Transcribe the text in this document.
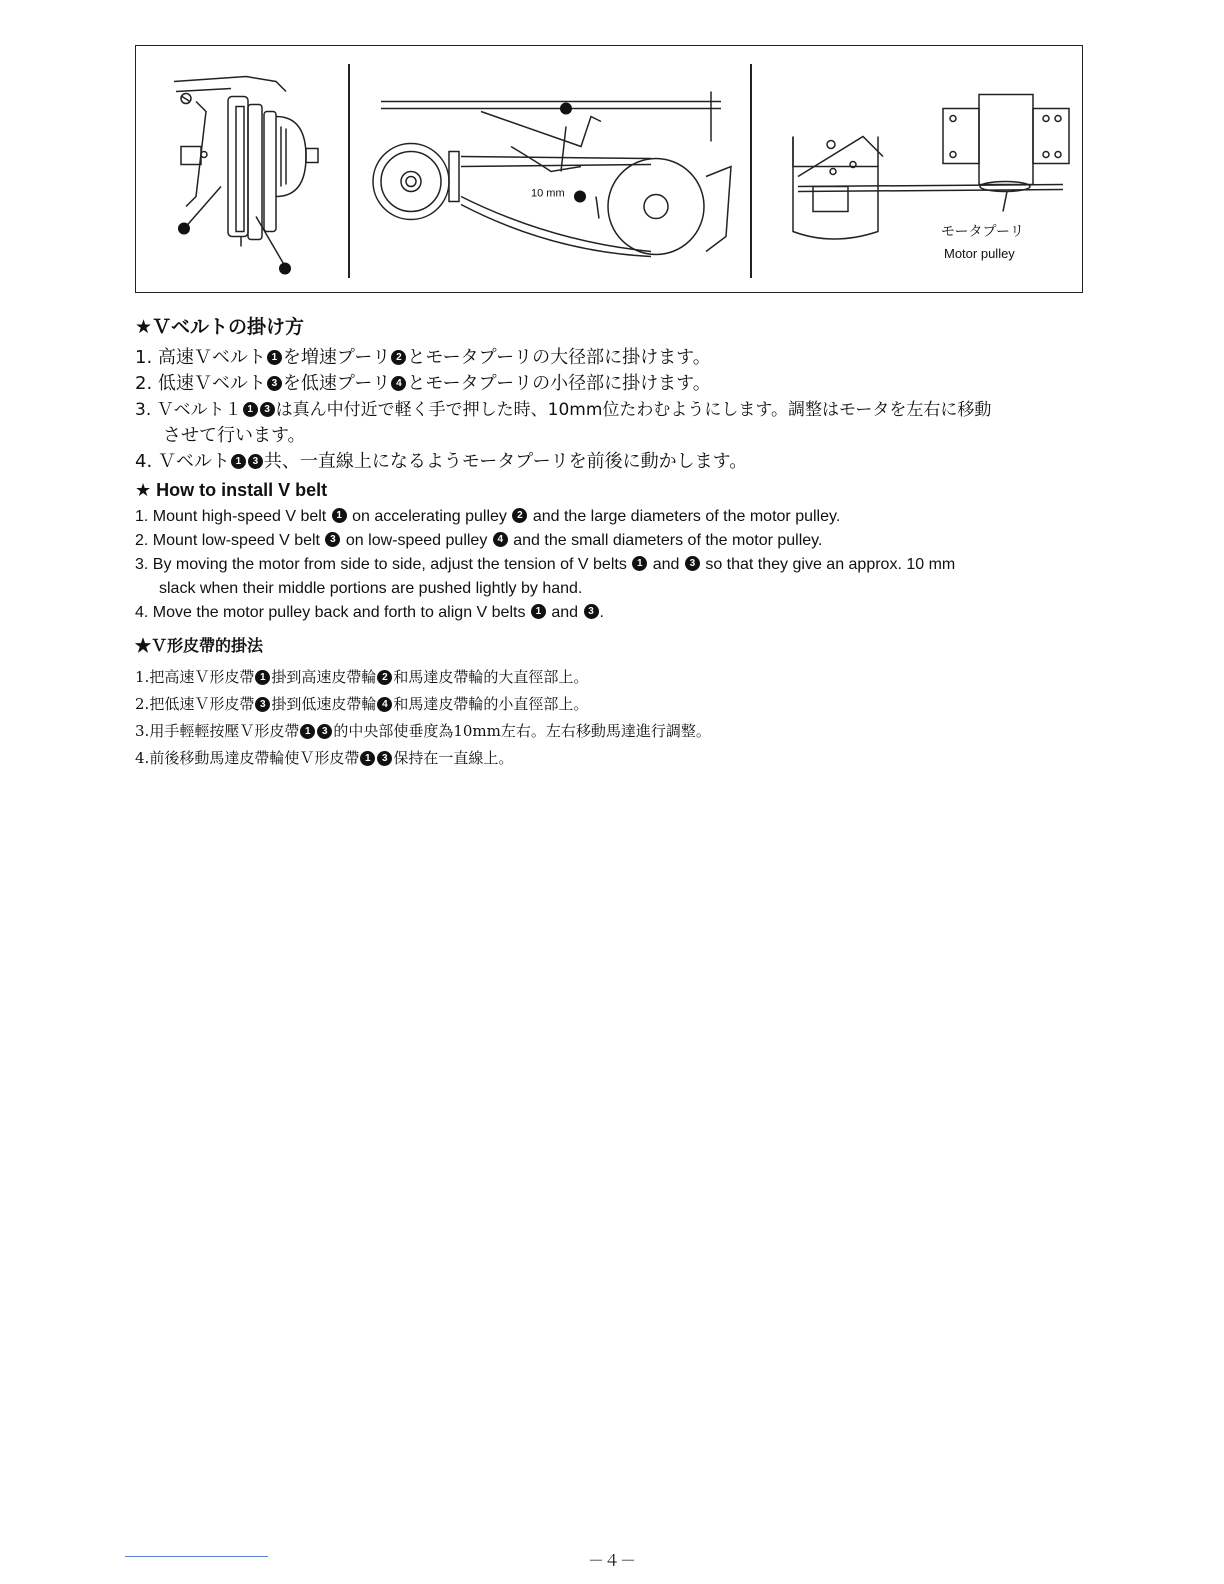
10 mm
モータプーリ
Motor pulley
★Ｖベルトの掛け方
1. 高速Ｖベルト 1 を増速プーリ 2 とモータプーリの大径部に掛けます。
2. 低速Ｖベルト 3 を低速プーリ 4 とモータプーリの小径部に掛けます。
3. Ｖベルト１ 1 3 は真ん中付近で軽く手で押した時、10mm位たわむようにします。調整はモータを左右に移動
させて行います。
4. Ｖベルト 1 3 共、一直線上になるようモータプーリを前後に動かします。
★ How to install V belt
1. Mount high-speed V belt 1 on accelerating pulley 2 and the large diameters of the motor pulley.
2. Mount low-speed V belt 3 on low-speed pulley 4 and the small diameters of the motor pulley.
3. By moving the motor from side to side, adjust the tension of V belts 1 and 3 so that they give an approx. 10 mm
slack when their middle portions are pushed lightly by hand.
4. Move the motor pulley back and forth to align V belts 1 and 3 .
★Ｖ形皮帶的掛法
1.把高速Ｖ形皮帶 1 掛到高速皮帶輪 2 和馬達皮帶輪的大直徑部上。
2.把低速Ｖ形皮帶 3 掛到低速皮帶輪 4 和馬達皮帶輪的小直徑部上。
3.用手輕輕按壓Ｖ形皮帶 1 3 的中央部使垂度為10mm左右。左右移動馬達進行調整。
4.前後移動馬達皮帶輪使Ｖ形皮帶 1 3 保持在一直線上。
－４－
